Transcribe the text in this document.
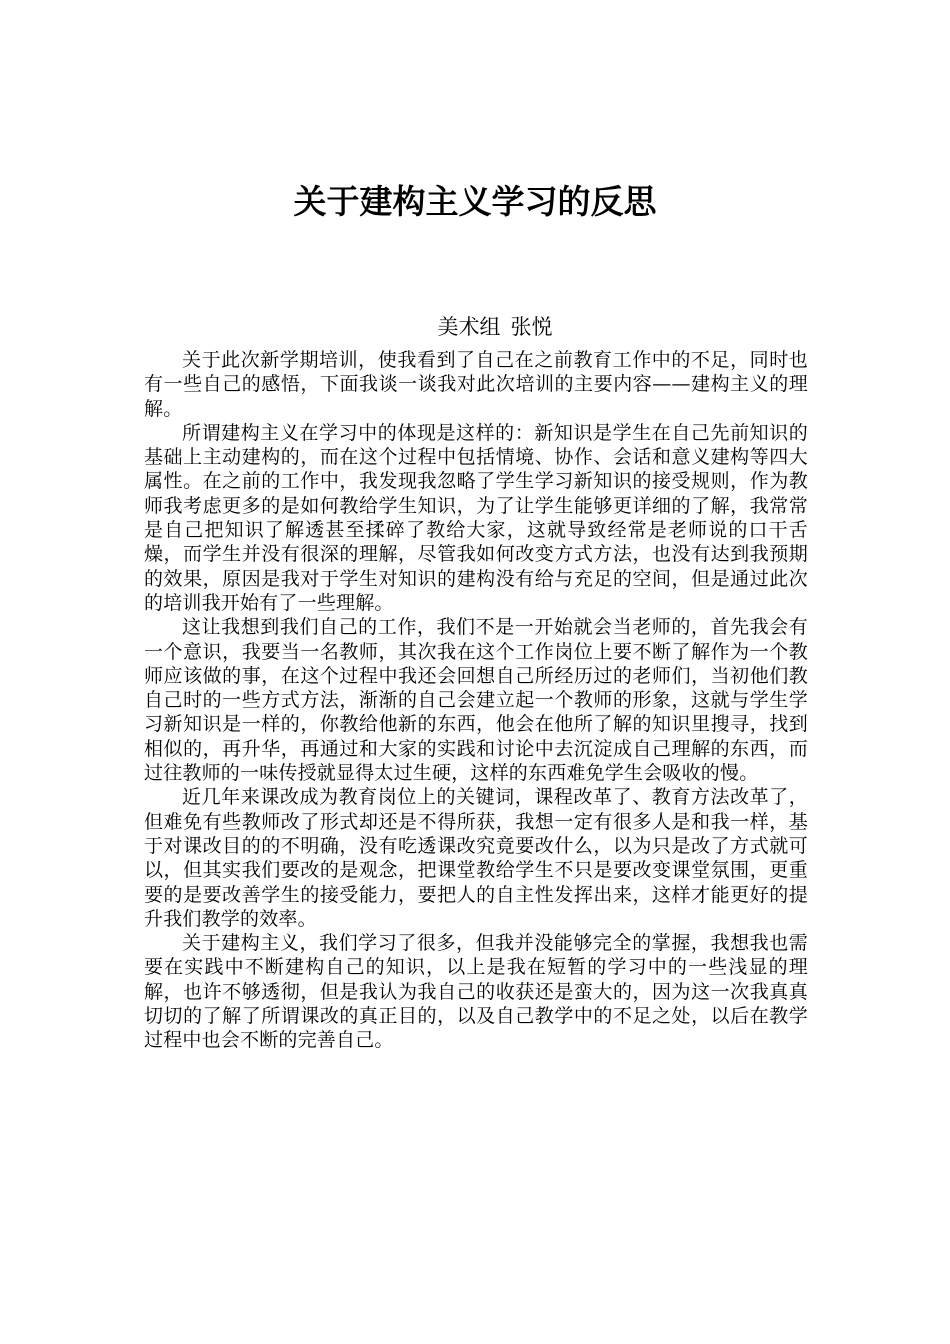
关于建构主义学习的反思
美术组 张悦

关于此次新学期培训，使我看到了自己在之前教育工作中的不足，同时也有一些自己的感悟，下面我谈一谈我对此次培训的主要内容——建构主义的理解。

所谓建构主义在学习中的体现是这样的：新知识是学生在自己先前知识的基础上主动建构的，而在这个过程中包括情境、协作、会话和意义建构等四大属性。在之前的工作中，我发现我忽略了学生学习新知识的接受规则，作为教师我考虑更多的是如何教给学生知识，为了让学生能够更详细的了解，我常常是自己把知识了解透甚至揉碎了教给大家，这就导致经常是老师说的口干舌燥，而学生并没有很深的理解，尽管我如何改变方式方法，也没有达到我预期的效果，原因是我对于学生对知识的建构没有给与充足的空间，但是通过此次的培训我开始有了一些理解。

这让我想到我们自己的工作，我们不是一开始就会当老师的，首先我会有一个意识，我要当一名教师，其次我在这个工作岗位上要不断了解作为一个教师应该做的事，在这个过程中我还会回想自己所经历过的老师们，当初他们教自己时的一些方式方法，渐渐的自己会建立起一个教师的形象，这就与学生学习新知识是一样的，你教给他新的东西，他会在他所了解的知识里搜寻，找到相似的，再升华，再通过和大家的实践和讨论中去沉淀成自己理解的东西，而过往教师的一味传授就显得太过生硬，这样的东西难免学生会吸收的慢。

近几年来课改成为教育岗位上的关键词，课程改革了、教育方法改革了，但难免有些教师改了形式却还是不得所获，我想一定有很多人是和我一样，基于对课改目的的不明确，没有吃透课改究竟要改什么，以为只是改了方式就可以，但其实我们要改的是观念，把课堂教给学生不只是要改变课堂氛围，更重要的是要改善学生的接受能力，要把人的自主性发挥出来，这样才能更好的提升我们教学的效率。

关于建构主义，我们学习了很多，但我并没能够完全的掌握，我想我也需要在实践中不断建构自己的知识，以上是我在短暂的学习中的一些浅显的理解，也许不够透彻，但是我认为我自己的收获还是蛮大的，因为这一次我真真切切的了解了所谓课改的真正目的，以及自己教学中的不足之处，以后在教学过程中也会不断的完善自己。
